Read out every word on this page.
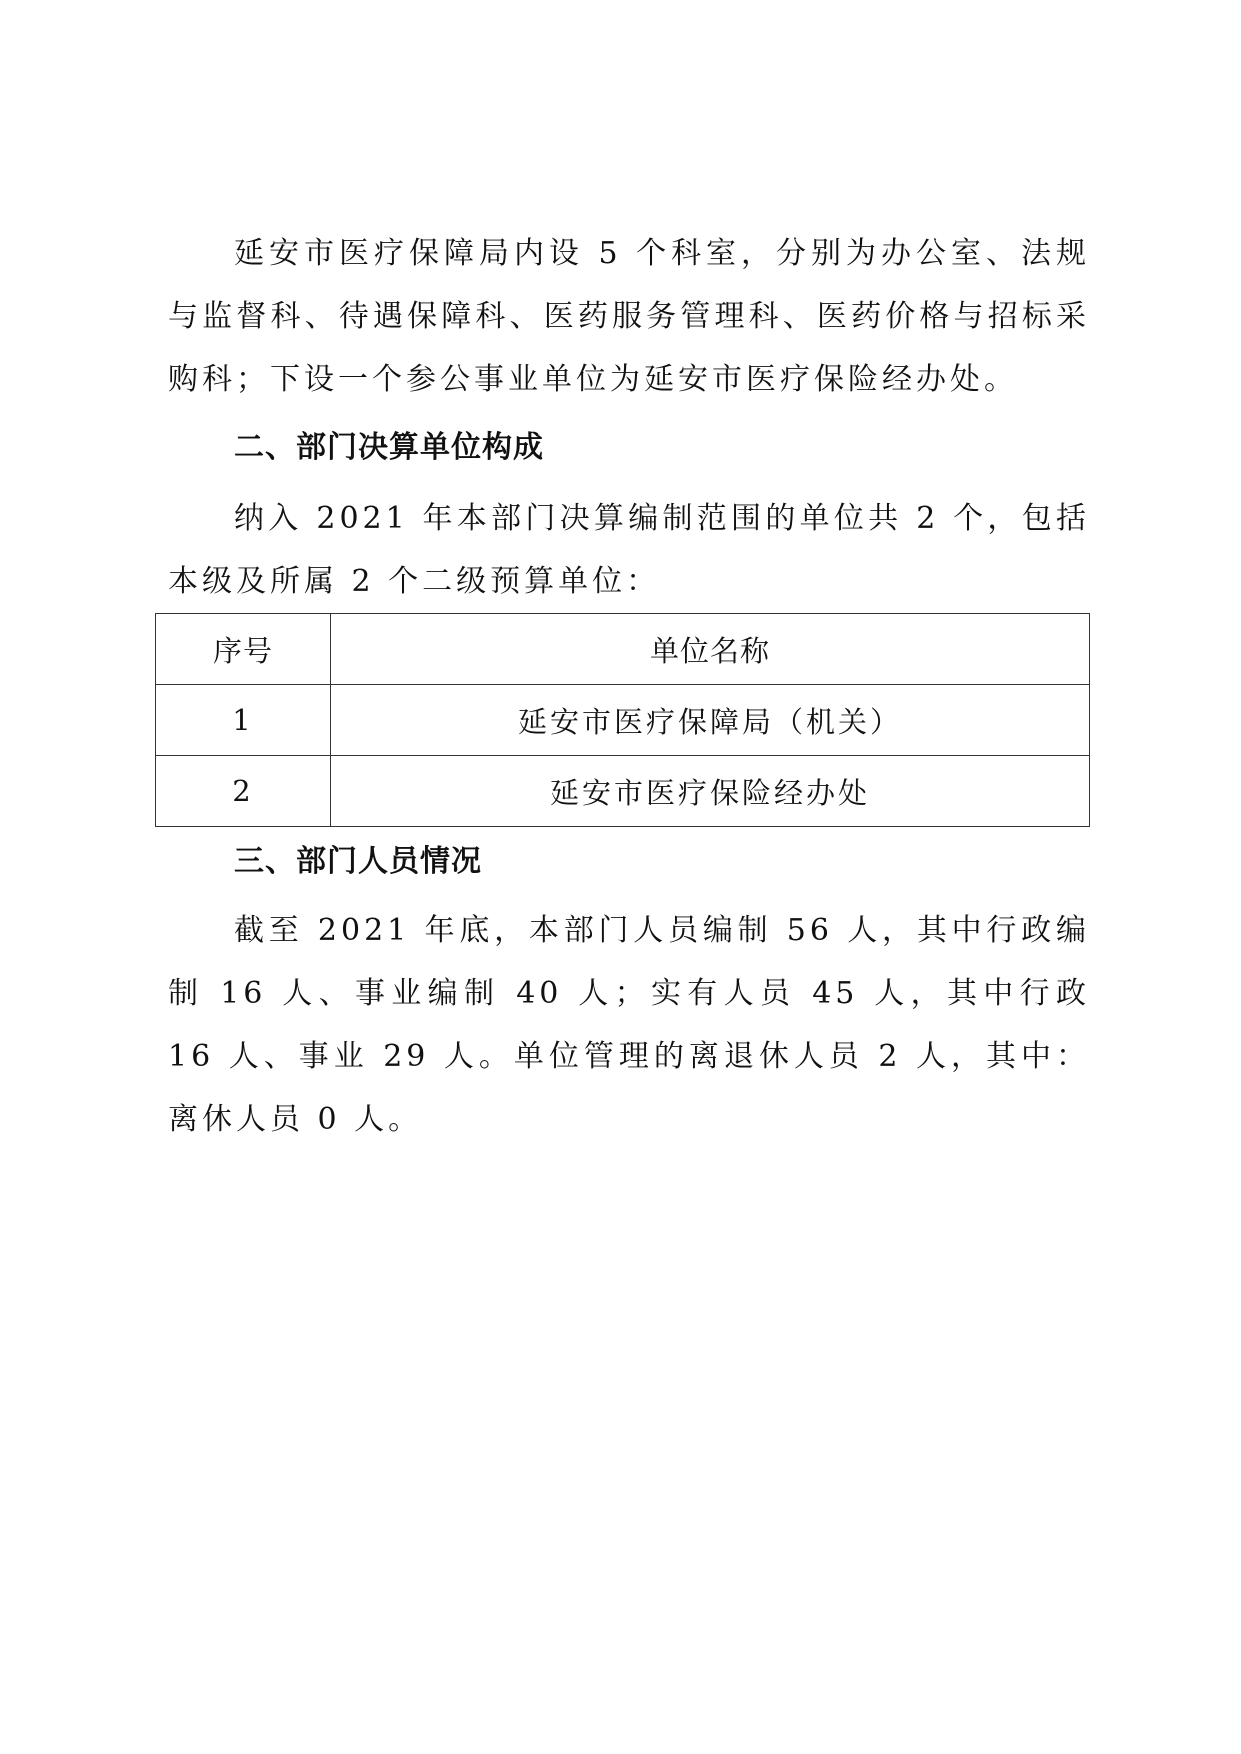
延安市医疗保障局内设 5 个科室，分别为办公室、法规与监督科、待遇保障科、医药服务管理科、医药价格与招标采购科；下设一个参公事业单位为延安市医疗保险经办处。

二、部门决算单位构成

纳入 2021 年本部门决算编制范围的单位共 2 个，包括本级及所属 2 个二级预算单位：

序号	单位名称
1	延安市医疗保障局（机关）
2	延安市医疗保险经办处
三、部门人员情况

截至 2021 年底，本部门人员编制 56 人，其中行政编制 16 人、事业编制 40 人；实有人员 45 人，其中行政 16 人、事业 29 人。单位管理的离退休人员 2 人，其中：离休人员 0 人。
